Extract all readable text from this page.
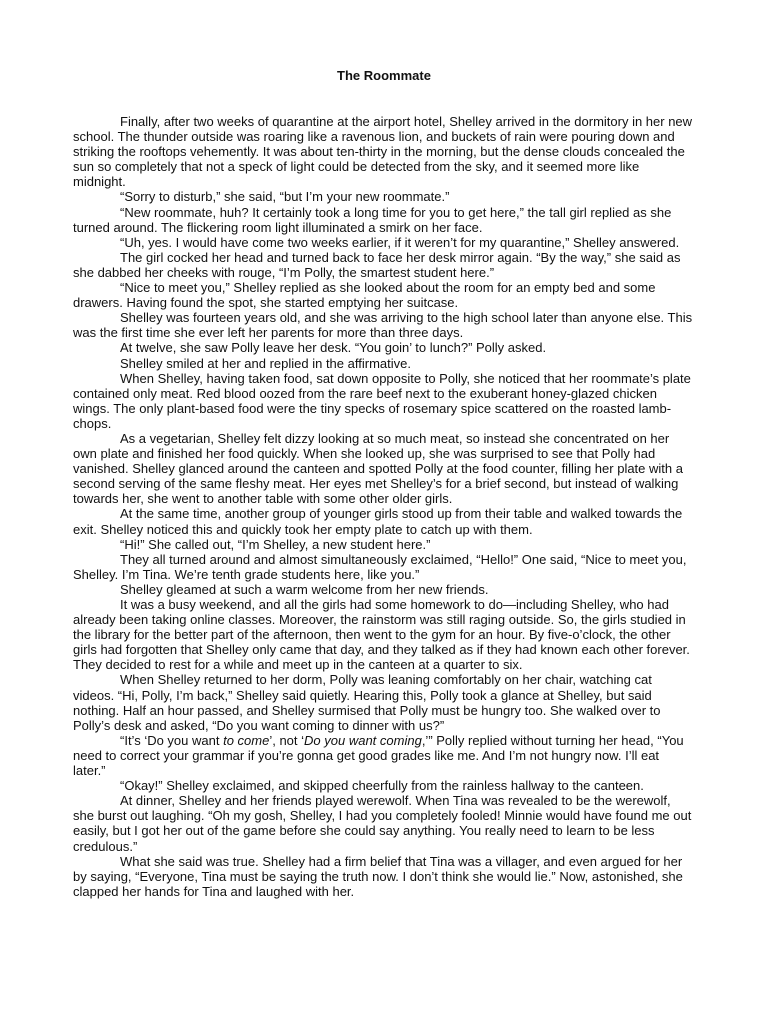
The Roommate

Finally, after two weeks of quarantine at the airport hotel, Shelley arrived in the dormitory in her new school. The thunder outside was roaring like a ravenous lion, and buckets of rain were pouring down and striking the rooftops vehemently. It was about ten-thirty in the morning, but the dense clouds concealed the sun so completely that not a speck of light could be detected from the sky, and it seemed more like midnight.

“Sorry to disturb,” she said, “but I’m your new roommate.”

“New roommate, huh? It certainly took a long time for you to get here,” the tall girl replied as she turned around. The flickering room light illuminated a smirk on her face.

“Uh, yes. I would have come two weeks earlier, if it weren’t for my quarantine,” Shelley answered.

The girl cocked her head and turned back to face her desk mirror again. “By the way,” she said as she dabbed her cheeks with rouge, “I’m Polly, the smartest student here.”

“Nice to meet you,” Shelley replied as she looked about the room for an empty bed and some drawers. Having found the spot, she started emptying her suitcase.

Shelley was fourteen years old, and she was arriving to the high school later than anyone else. This was the first time she ever left her parents for more than three days.

At twelve, she saw Polly leave her desk. “You goin’ to lunch?” Polly asked.

Shelley smiled at her and replied in the affirmative.

When Shelley, having taken food, sat down opposite to Polly, she noticed that her roommate’s plate contained only meat. Red blood oozed from the rare beef next to the exuberant honey-glazed chicken wings. The only plant-based food were the tiny specks of rosemary spice scattered on the roasted lamb-chops.

As a vegetarian, Shelley felt dizzy looking at so much meat, so instead she concentrated on her own plate and finished her food quickly. When she looked up, she was surprised to see that Polly had vanished. Shelley glanced around the canteen and spotted Polly at the food counter, filling her plate with a second serving of the same fleshy meat. Her eyes met Shelley’s for a brief second, but instead of walking towards her, she went to another table with some other older girls.

At the same time, another group of younger girls stood up from their table and walked towards the exit. Shelley noticed this and quickly took her empty plate to catch up with them.

“Hi!” She called out, “I’m Shelley, a new student here.”

They all turned around and almost simultaneously exclaimed, “Hello!” One said, “Nice to meet you, Shelley. I’m Tina. We’re tenth grade students here, like you.”

Shelley gleamed at such a warm welcome from her new friends.

It was a busy weekend, and all the girls had some homework to do—including Shelley, who had already been taking online classes. Moreover, the rainstorm was still raging outside. So, the girls studied in the library for the better part of the afternoon, then went to the gym for an hour. By five-o’clock, the other girls had forgotten that Shelley only came that day, and they talked as if they had known each other forever. They decided to rest for a while and meet up in the canteen at a quarter to six.

When Shelley returned to her dorm, Polly was leaning comfortably on her chair, watching cat videos. “Hi, Polly, I’m back,” Shelley said quietly. Hearing this, Polly took a glance at Shelley, but said nothing. Half an hour passed, and Shelley surmised that Polly must be hungry too. She walked over to Polly’s desk and asked, “Do you want coming to dinner with us?”

“It’s ‘Do you want to come’, not ‘Do you want coming,’” Polly replied without turning her head, “You need to correct your grammar if you’re gonna get good grades like me. And I’m not hungry now. I’ll eat later.”

“Okay!” Shelley exclaimed, and skipped cheerfully from the rainless hallway to the canteen.

At dinner, Shelley and her friends played werewolf. When Tina was revealed to be the werewolf, she burst out laughing. “Oh my gosh, Shelley, I had you completely fooled! Minnie would have found me out easily, but I got her out of the game before she could say anything. You really need to learn to be less credulous.”

What she said was true. Shelley had a firm belief that Tina was a villager, and even argued for her by saying, “Everyone, Tina must be saying the truth now. I don’t think she would lie.” Now, astonished, she clapped her hands for Tina and laughed with her.
